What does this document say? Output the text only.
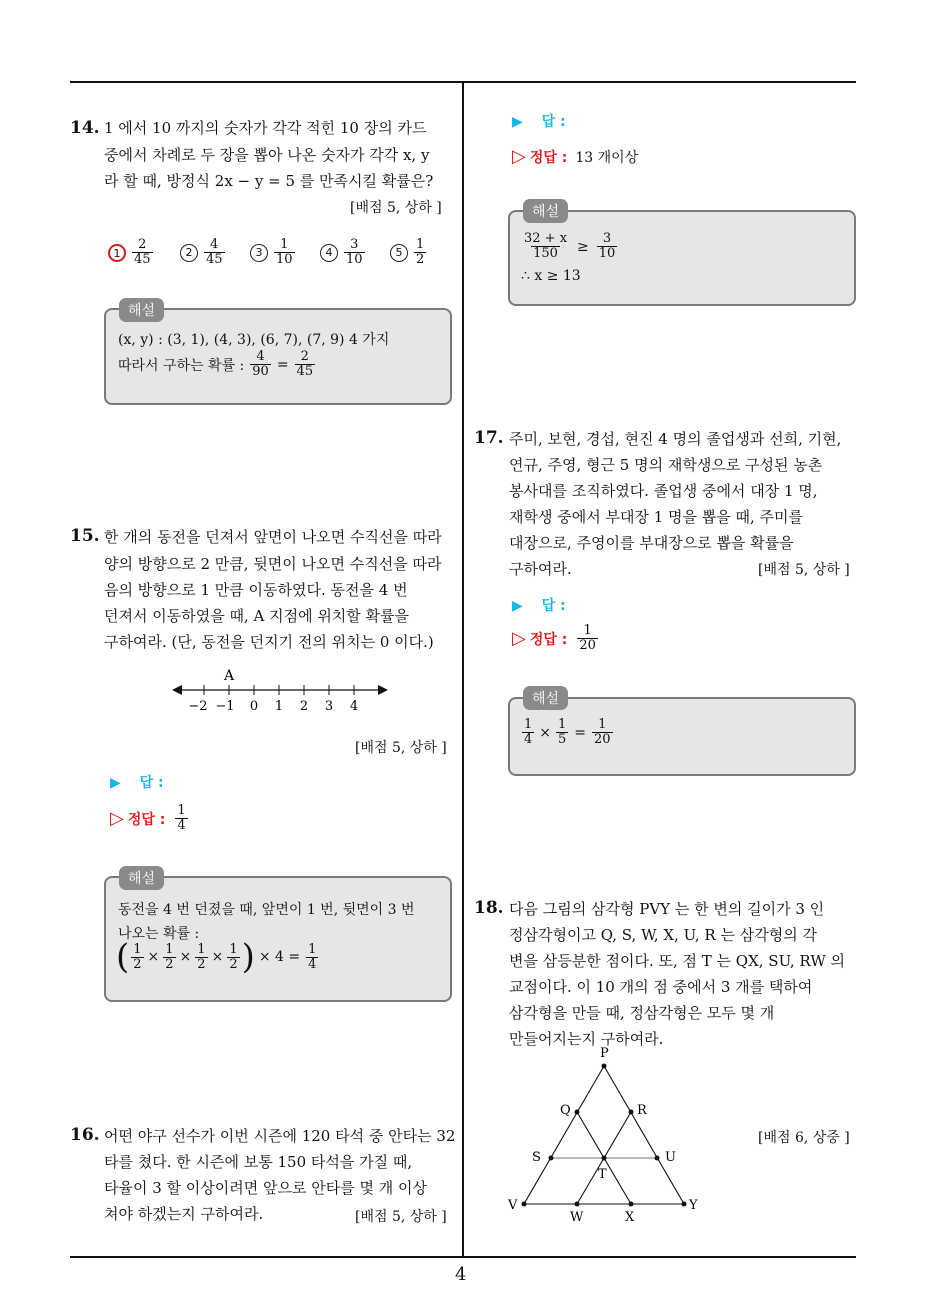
4
14. 1 에서 10 까지의 숫자가 각각 적힌 10 장의 카드
중에서 차례로 두 장을 뽑아 나온 숫자가 각각 x, y
라 할 때, 방정식 2x − y = 5 를 만족시킬 확률은?
[배점 5, 상하 ]
$1 \frac{2}{45}$	$2 \frac{4}{45}$	$3 \frac{1}{10}$	$4 \frac{3}{10}$	$5 \frac{1}{2}$
해설
(x, y) : (3, 1), (4, 3), (6, 7), (7, 9) 4 가지
따라서 구하는 확률 : $\frac{4}{90} = \frac{2}{45}$
15. 한 개의 동전을 던져서 앞면이 나오면 수직선을 따라
양의 방향으로 2 만큼, 뒷면이 나오면 수직선을 따라
음의 방향으로 1 만큼 이동하였다. 동전을 4 번
던져서 이동하였을 때, A 지점에 위치할 확률을
구하여라. (단, 동전을 던지기 전의 위치는 0 이다.)
A
−2 −1 0 1 2 3 4
[배점 5, 상하 ]
▶ 답 :
▷ 정답 : $\frac{1}{4}$
해설
동전을 4 번 던졌을 때, 앞면이 1 번, 뒷면이 3 번
나오는 확률 :
( $\frac{1}{2} \times \frac{1}{2} \times \frac{1}{2} \times \frac{1}{2}$ ) × $4 = \frac{1}{4}$
16. 어떤 야구 선수가 이번 시즌에 120 타석 중 안타는 32
타를 쳤다. 한 시즌에 보통 150 타석을 가질 때,
타율이 3 할 이상이려면 앞으로 안타를 몇 개 이상
쳐야 하겠는지 구하여라.	[배점 5, 상하 ]
▶ 답 :
▷ 정답 : 13 개이상
해설
$\frac{32 + x}{150} \ge \frac{3}{10}$
∴ x ≥ 13
17. 주미, 보현, 경섭, 현진 4 명의 졸업생과 선희, 기현,
연규, 주영, 형근 5 명의 재학생으로 구성된 농촌
봉사대를 조직하였다. 졸업생 중에서 대장 1 명,
재학생 중에서 부대장 1 명을 뽑을 때, 주미를
대장으로, 주영이를 부대장으로 뽑을 확률을
구하여라.	[배점 5, 상하 ]
▶ 답 :
▷ 정답 : $\frac{1}{20}$
해설
$\frac{1}{4} \times \frac{1}{5} = \frac{1}{20}$
18. 다음 그림의 삼각형 PVY 는 한 변의 길이가 3 인
정삼각형이고 Q, S, W, X, U, R 는 삼각형의 각
변을 삼등분한 점이다. 또, 점 T 는 QX, SU, RW 의
교점이다. 이 10 개의 점 중에서 3 개를 택하여
삼각형을 만들 때, 정삼각형은 모두 몇 개
만들어지는지 구하여라.
[배점 6, 상중 ]
P
Q	R
S	U
T
V
W	X
Y
